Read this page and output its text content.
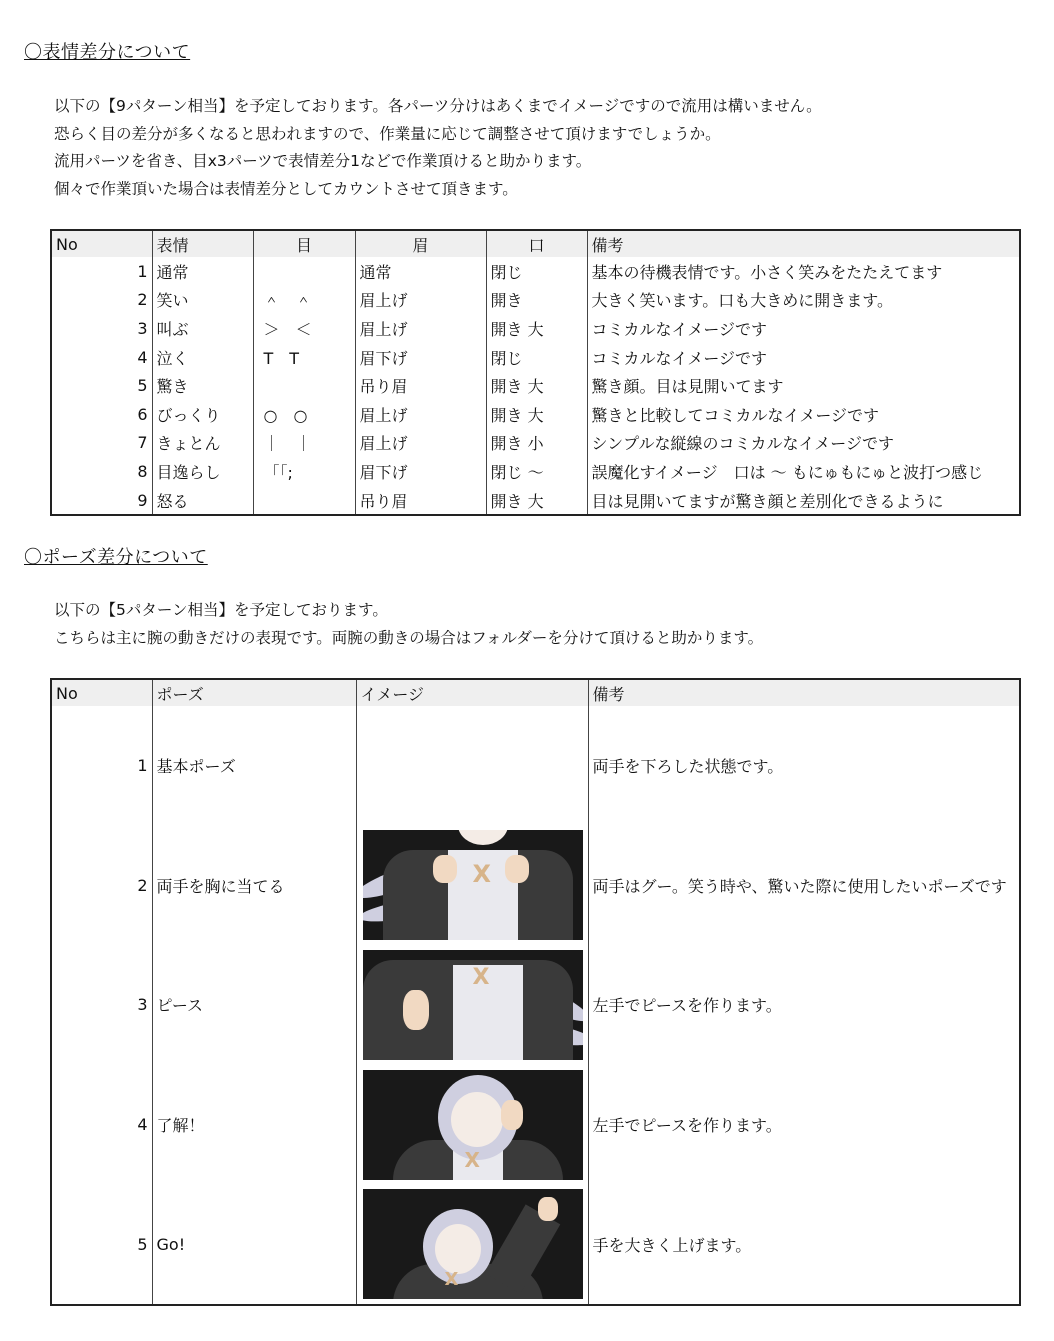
〇表情差分について
以下の【9パターン相当】を予定しております。各パーツ分けはあくまでイメージですので流用は構いません。
恐らく目の差分が多くなると思われますので、作業量に応じて調整させて頂けますでしょうか。
流用パーツを省き、目x3パーツで表情差分1などで作業頂けると助かります。
個々で作業頂いた場合は表情差分としてカウントさせて頂きます。
No	表情	目	眉	口	備考
1	通常		通常	閉じ	基本の待機表情です。小さく笑みをたたえてます
2	笑い	＾　＾	眉上げ	開き	大きく笑います。口も大きめに開きます。
3	叫ぶ	＞　＜	眉上げ	開き 大	コミカルなイメージです
4	泣く	T　T	眉下げ	閉じ	コミカルなイメージです
5	驚き		吊り眉	開き 大	驚き顔。目は見開いてます
6	びっくり	○　○	眉上げ	開き 大	驚きと比較してコミカルなイメージです
7	きょとん	｜　｜	眉上げ	開き 小	シンプルな縦線のコミカルなイメージです
8	目逸らし	「「;	眉下げ	閉じ ～	誤魔化すイメージ　口は ～ もにゅもにゅと波打つ感じ
9	怒る		吊り眉	開き 大	目は見開いてますが驚き顔と差別化できるように
〇ポーズ差分について
以下の【5パターン相当】を予定しております。
こちらは主に腕の動きだけの表現です。両腕の動きの場合はフォルダーを分けて頂けると助かります。
No	ポーズ	イメージ	備考
1	基本ポーズ		両手を下ろした状態です。
2	両手を胸に当てる	X	両手はグー。笑う時や、驚いた際に使用したいポーズです
3	ピース	X	左手でピースを作ります。
4	了解！	X	左手でピースを作ります。
5	Go!	X	手を大きく上げます。
